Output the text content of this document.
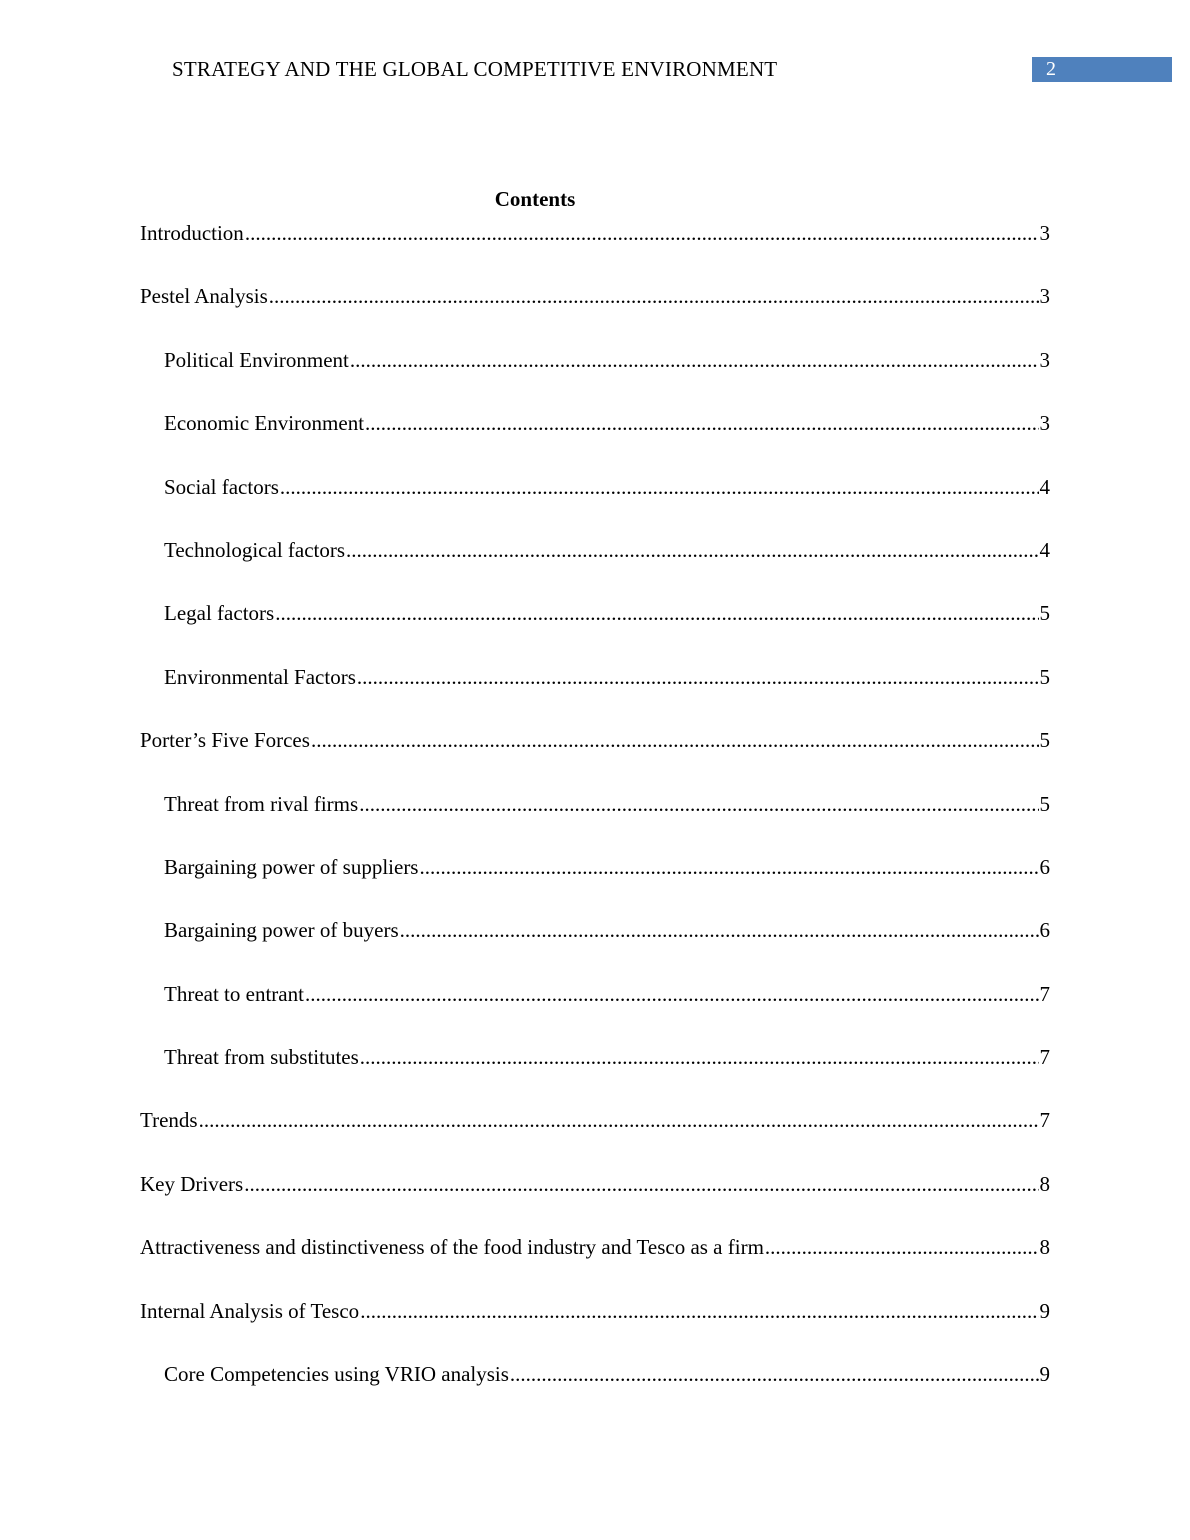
STRATEGY AND THE GLOBAL COMPETITIVE ENVIRONMENT	2
Contents
Introduction .....	3
Pestel Analysis .....	3
Political Environment .....	3
Economic Environment .....	3
Social factors .....	4
Technological factors .....	4
Legal factors .....	5
Environmental Factors .....	5
Porter’s Five Forces .....	5
Threat from rival firms .....	5
Bargaining power of suppliers .....	6
Bargaining power of buyers .....	6
Threat to entrant .....	7
Threat from substitutes .....	7
Trends .....	7
Key Drivers .....	8
Attractiveness and distinctiveness of the food industry and Tesco as a firm .....	8
Internal Analysis of Tesco .....	9
Core Competencies using VRIO analysis .....	9
